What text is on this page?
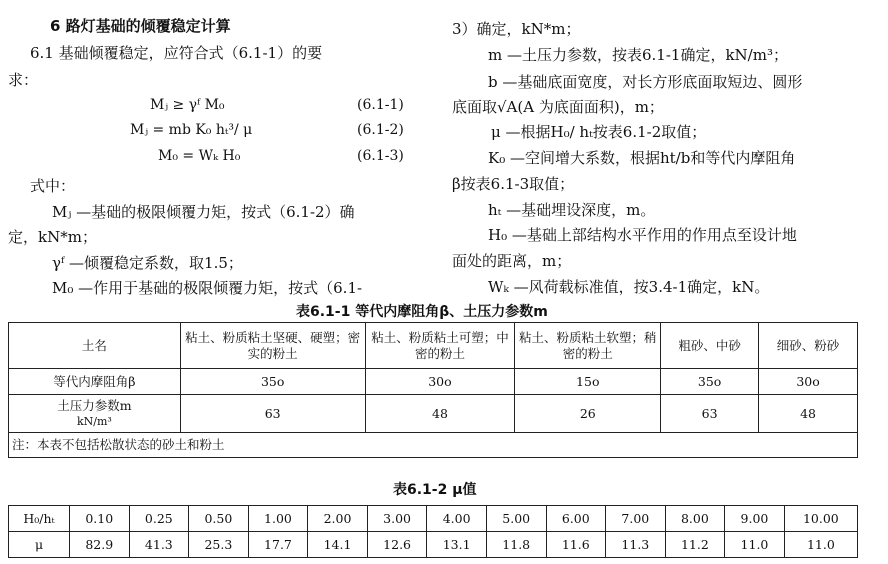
6 路灯基础的倾覆稳定计算
6.1 基础倾覆稳定，应符合式（6.1-1）的要
求：
Mⱼ ≥ γᶠ M₀	(6.1-1)
Mⱼ = mb K₀ hₜ³/ μ	(6.1-2)
M₀ = Wₖ H₀	(6.1-3)
式中：
Mⱼ —基础的极限倾覆力矩，按式（6.1-2）确
定，kN*m；
γᶠ —倾覆稳定系数，取1.5；
M₀ —作用于基础的极限倾覆力矩，按式（6.1-
3）确定，kN*m；
m —土压力参数，按表6.1-1确定，kN/m³；
b —基础底面宽度，对长方形底面取短边、圆形
底面取√A(A 为底面面积)，m；
μ —根据H₀/ hₜ按表6.1-2取值；
K₀ —空间增大系数，根据ht/b和等代内摩阻角
β按表6.1-3取值；
hₜ —基础埋设深度，m。
H₀ —基础上部结构水平作用的作用点至设计地
面处的距离，m；
Wₖ —风荷载标准值，按3.4-1确定，kN。
表6.1-1 等代内摩阻角β、土压力参数m
土名	粘土、粉质粘土坚硬、硬塑；密实的粉土	粘土、粉质粘土可塑；中密的粉土	粘土、粉质粘土软塑；稍密的粉土	粗砂、中砂	细砂、粉砂
等代内摩阻角β	35o	30o	15o	35o	30o

土压力参数m
kN/m³	63	48	26	63	48
注：本表不包括松散状态的砂土和粉土					
表6.1-2 μ值
H₀/hₜ	0.10	0.25	0.50	1.00	2.00	3.00	4.00	5.00	6.00	7.00	8.00	9.00	10.00
μ	82.9	41.3	25.3	17.7	14.1	12.6	13.1	11.8	11.6	11.3	11.2	11.0	11.0
